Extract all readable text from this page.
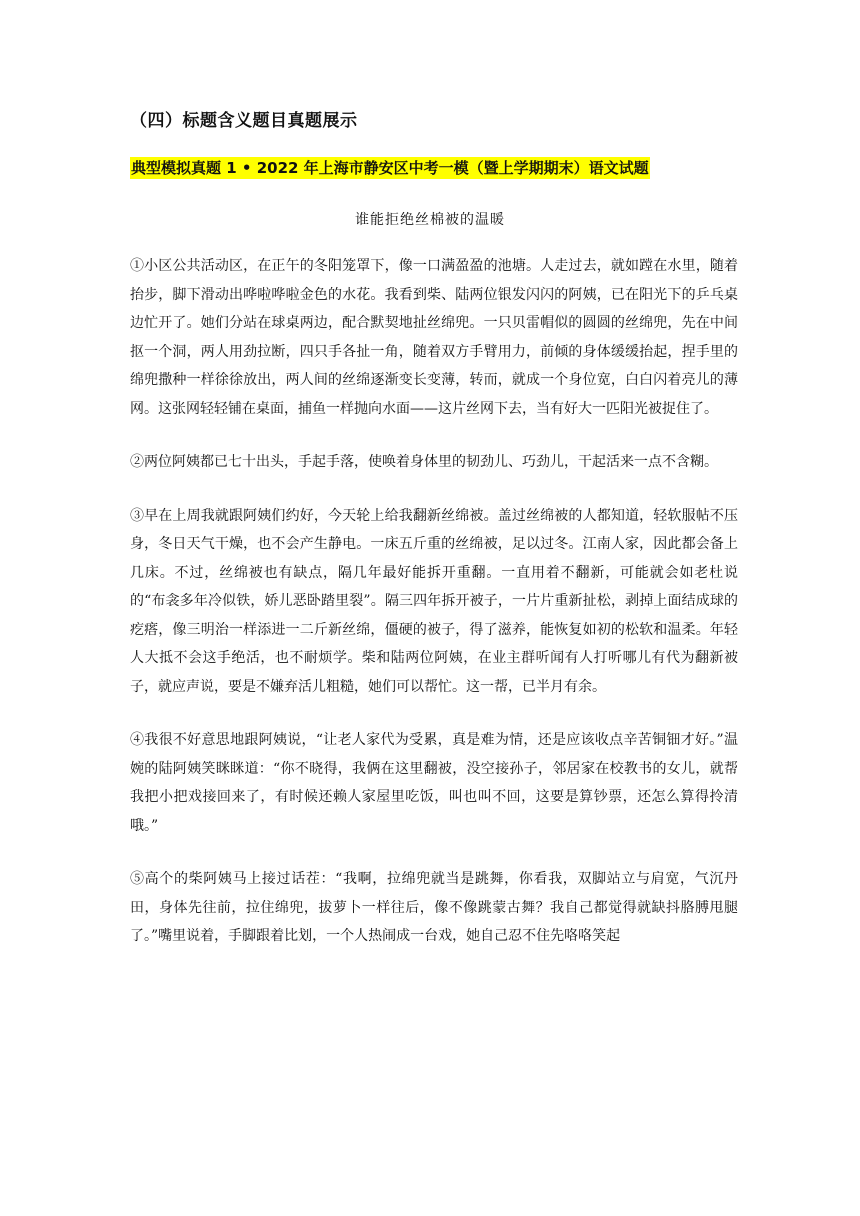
（四）标题含义题目真题展示
典型模拟真题 1 • 2022 年上海市静安区中考一模（暨上学期期末）语文试题
谁能拒绝丝棉被的温暖

①小区公共活动区，在正午的冬阳笼罩下，像一口满盈盈的池塘。人走过去，就如蹚在水里，随着抬步，脚下滑动出哗啦哗啦金色的水花。我看到柴、陆两位银发闪闪的阿姨，已在阳光下的乒乓桌边忙开了。她们分站在球桌两边，配合默契地扯丝绵兜。一只贝雷帽似的圆圆的丝绵兜，先在中间抠一个洞，两人用劲拉断，四只手各扯一角，随着双方手臂用力，前倾的身体缓缓抬起，捏手里的绵兜撒种一样徐徐放出，两人间的丝绵逐渐变长变薄，转而，就成一个身位宽，白白闪着亮儿的薄网。这张网轻轻铺在桌面，捕鱼一样抛向水面——这片丝网下去，当有好大一匹阳光被捉住了。

②两位阿姨都已七十出头，手起手落，使唤着身体里的韧劲儿、巧劲儿，干起活来一点不含糊。

③早在上周我就跟阿姨们约好，今天轮上给我翻新丝绵被。盖过丝绵被的人都知道，轻软服帖不压身，冬日天气干燥，也不会产生静电。一床五斤重的丝绵被，足以过冬。江南人家，因此都会备上几床。不过，丝绵被也有缺点，隔几年最好能拆开重翻。一直用着不翻新，可能就会如老杜说的“布衾多年冷似铁，娇儿恶卧踏里裂”。隔三四年拆开被子，一片片重新扯松，剥掉上面结成球的疙瘩，像三明治一样添进一二斤新丝绵，僵硬的被子，得了滋养，能恢复如初的松软和温柔。年轻人大抵不会这手绝活，也不耐烦学。柴和陆两位阿姨，在业主群听闻有人打听哪儿有代为翻新被子，就应声说，要是不嫌弃活儿粗糙，她们可以帮忙。这一帮，已半月有余。

④我很不好意思地跟阿姨说，“让老人家代为受累，真是难为情，还是应该收点辛苦铜钿才好。”温婉的陆阿姨笑眯眯道：“你不晓得，我俩在这里翻被，没空接孙子，邻居家在校教书的女儿，就帮我把小把戏接回来了，有时候还赖人家屋里吃饭，叫也叫不回，这要是算钞票，还怎么算得拎清哦。”

⑤高个的柴阿姨马上接过话茬：“我啊，拉绵兜就当是跳舞，你看我，双脚站立与肩宽，气沉丹田，身体先往前，拉住绵兜，拔萝卜一样往后，像不像跳蒙古舞？我自己都觉得就缺抖胳膊甩腿了。”嘴里说着，手脚跟着比划，一个人热闹成一台戏，她自己忍不住先咯咯笑起
